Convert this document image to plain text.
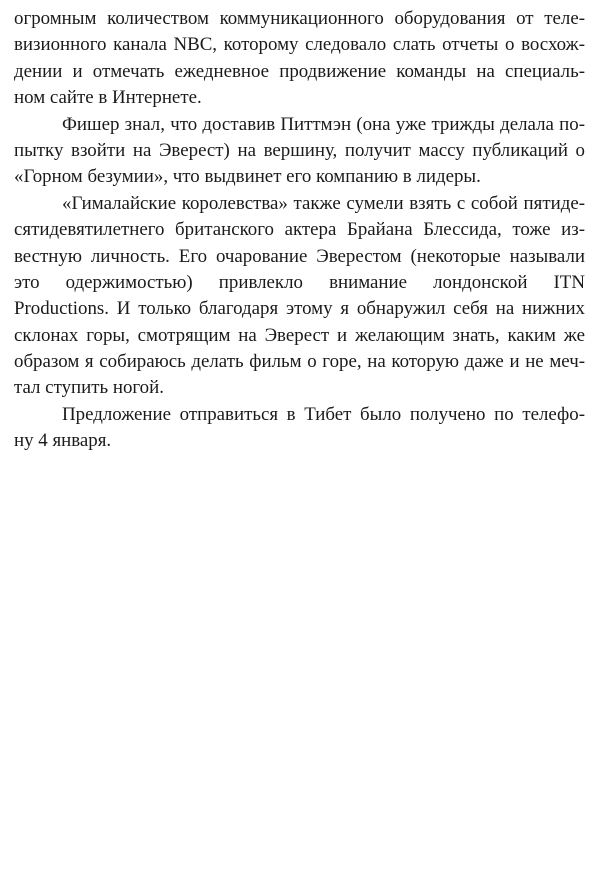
огромным количеством коммуникационного оборудования от теле-
визионного канала NBC, которому следовало слать отчеты о восхож-
дении и отмечать ежедневное продвижение команды на специаль-
ном сайте в Интернете.
Фишер знал, что доставив Питтмэн (она уже трижды делала по-
пытку взойти на Эверест) на вершину, получит массу публикаций о
«Горном безумии», что выдвинет его компанию в лидеры.
«Гималайские королевства» также сумели взять с собой пятиде-
сятидевятилетнего британского актера Брайана Блессида, тоже из-
вестную личность. Его очарование Эверестом (некоторые называли
это одержимостью) привлекло внимание лондонской ITN
Productions. И только благодаря этому я обнаружил себя на нижних
склонах горы, смотрящим на Эверест и желающим знать, каким же
образом я собираюсь делать фильм о горе, на которую даже и не меч-
тал ступить ногой.
Предложение отправиться в Тибет было получено по телефо-
ну 4 января.
